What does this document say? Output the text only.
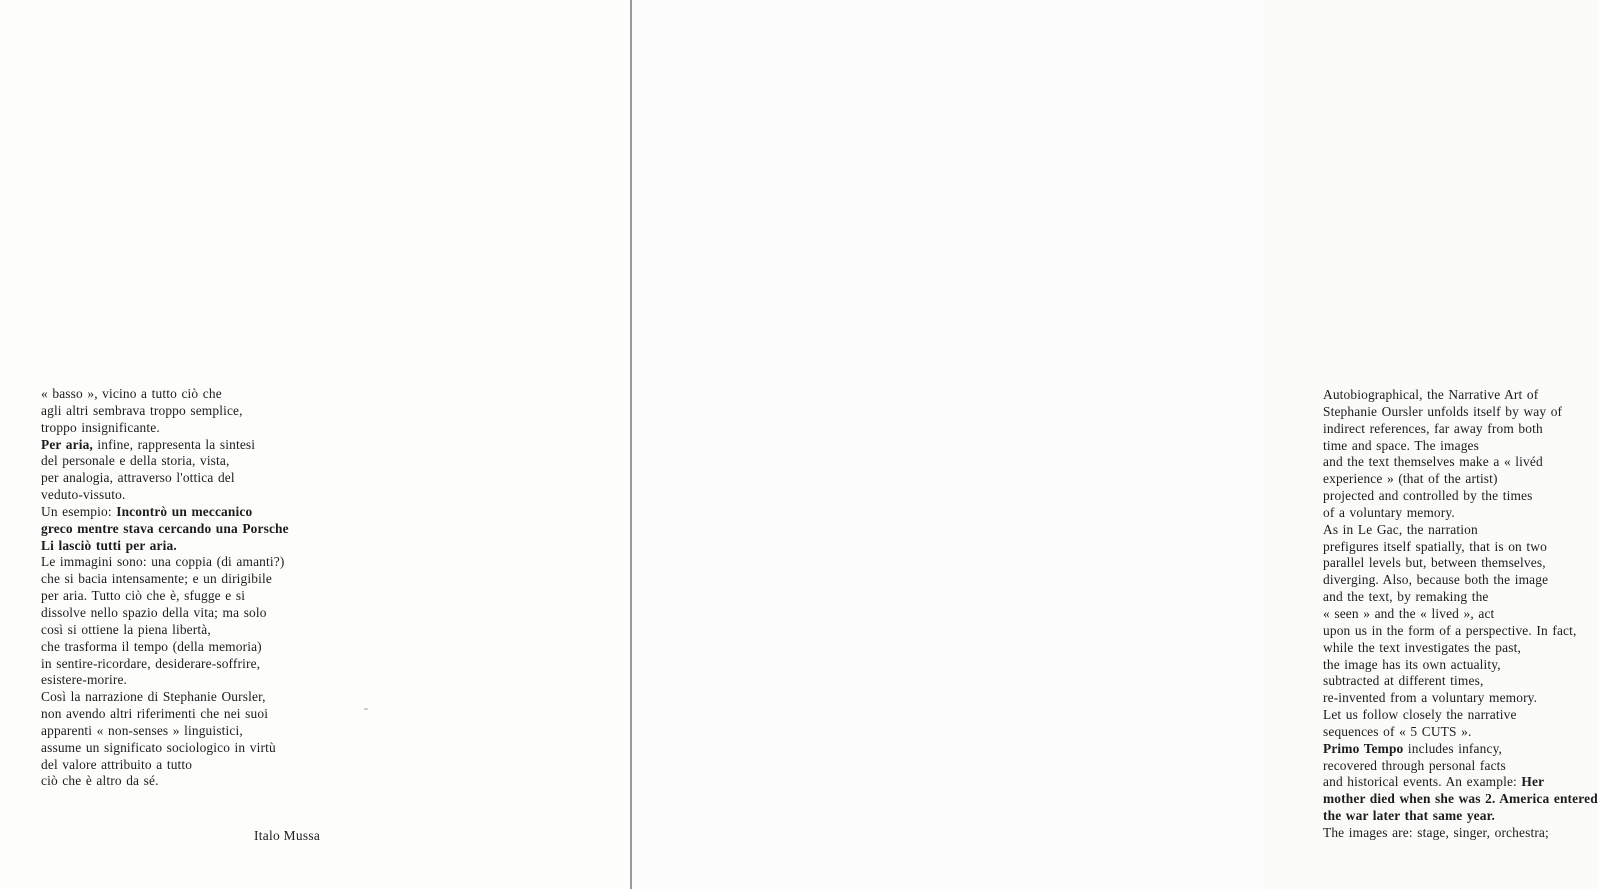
« basso », vicino a tutto ciò che
agli altri sembrava troppo semplice,
troppo insignificante.
Per aria, infine, rappresenta la sintesi
del personale e della storia, vista,
per analogia, attraverso l'ottica del
veduto-vissuto.
Un esempio: Incontrò un meccanico
greco mentre stava cercando una Porsche
Li lasciò tutti per aria.
Le immagini sono: una coppia (di amanti?)
che si bacia intensamente; e un dirigibile
per aria. Tutto ciò che è, sfugge e si
dissolve nello spazio della vita; ma solo
così si ottiene la piena libertà,
che trasforma il tempo (della memoria)
in sentire-ricordare, desiderare-soffrire,
esistere-morire.
Così la narrazione di Stephanie Oursler,
non avendo altri riferimenti che nei suoi
apparenti « non-senses » linguistici,
assume un significato sociologico in virtù
del valore attribuito a tutto
ciò che è altro da sé.
Italo Mussa
Autobiographical, the Narrative Art of
Stephanie Oursler unfolds itself by way of
indirect references, far away from both
time and space. The images
and the text themselves make a « livéd
experience » (that of the artist)
projected and controlled by the times
of a voluntary memory.
As in Le Gac, the narration
prefigures itself spatially, that is on two
parallel levels but, between themselves,
diverging. Also, because both the image
and the text, by remaking the
« seen » and the « lived », act
upon us in the form of a perspective. In fact,
while the text investigates the past,
the image has its own actuality,
subtracted at different times,
re-invented from a voluntary memory.
Let us follow closely the narrative
sequences of « 5 CUTS ».
Primo Tempo includes infancy,
recovered through personal facts
and historical events. An example: Her
mother died when she was 2. America entered
the war later that same year.
The images are: stage, singer, orchestra;
